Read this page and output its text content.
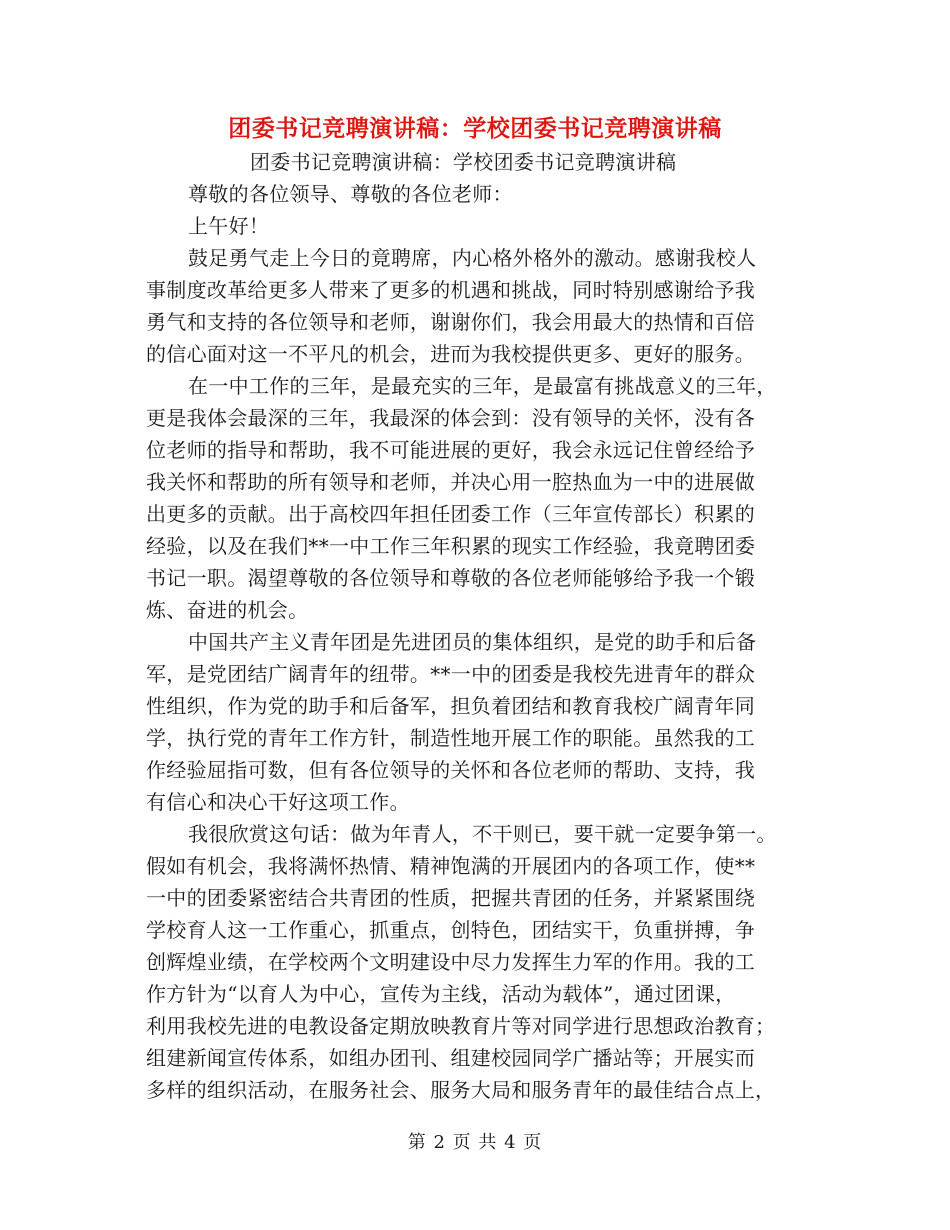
团委书记竞聘演讲稿：学校团委书记竞聘演讲稿
团委书记竞聘演讲稿：学校团委书记竞聘演讲稿
尊敬的各位领导、尊敬的各位老师：
上午好！
鼓足勇气走上今日的竟聘席，内心格外格外的激动。感谢我校人
事制度改革给更多人带来了更多的机遇和挑战，同时特别感谢给予我
勇气和支持的各位领导和老师，谢谢你们，我会用最大的热情和百倍
的信心面对这一不平凡的机会，进而为我校提供更多、更好的服务。
在一中工作的三年，是最充实的三年，是最富有挑战意义的三年，
更是我体会最深的三年，我最深的体会到：没有领导的关怀，没有各
位老师的指导和帮助，我不可能进展的更好，我会永远记住曾经给予
我关怀和帮助的所有领导和老师，并决心用一腔热血为一中的进展做
出更多的贡献。出于高校四年担任团委工作（三年宣传部长）积累的
经验，以及在我们**一中工作三年积累的现实工作经验，我竟聘团委
书记一职。渴望尊敬的各位领导和尊敬的各位老师能够给予我一个锻
炼、奋进的机会。
中国共产主义青年团是先进团员的集体组织，是党的助手和后备
军，是党团结广阔青年的纽带。**一中的团委是我校先进青年的群众
性组织，作为党的助手和后备军，担负着团结和教育我校广阔青年同
学，执行党的青年工作方针，制造性地开展工作的职能。虽然我的工
作经验屈指可数，但有各位领导的关怀和各位老师的帮助、支持，我
有信心和决心干好这项工作。
我很欣赏这句话：做为年青人，不干则已，要干就一定要争第一。
假如有机会，我将满怀热情、精神饱满的开展团内的各项工作，使**
一中的团委紧密结合共青团的性质，把握共青团的任务，并紧紧围绕
学校育人这一工作重心，抓重点，创特色，团结实干，负重拼搏，争
创辉煌业绩，在学校两个文明建设中尽力发挥生力军的作用。我的工
作方针为“以育人为中心，宣传为主线，活动为载体”，通过团课，
利用我校先进的电教设备定期放映教育片等对同学进行思想政治教育；
组建新闻宣传体系，如组办团刊、组建校园同学广播站等；开展实而
多样的组织活动，在服务社会、服务大局和服务青年的最佳结合点上，
第 2 页 共 4 页
